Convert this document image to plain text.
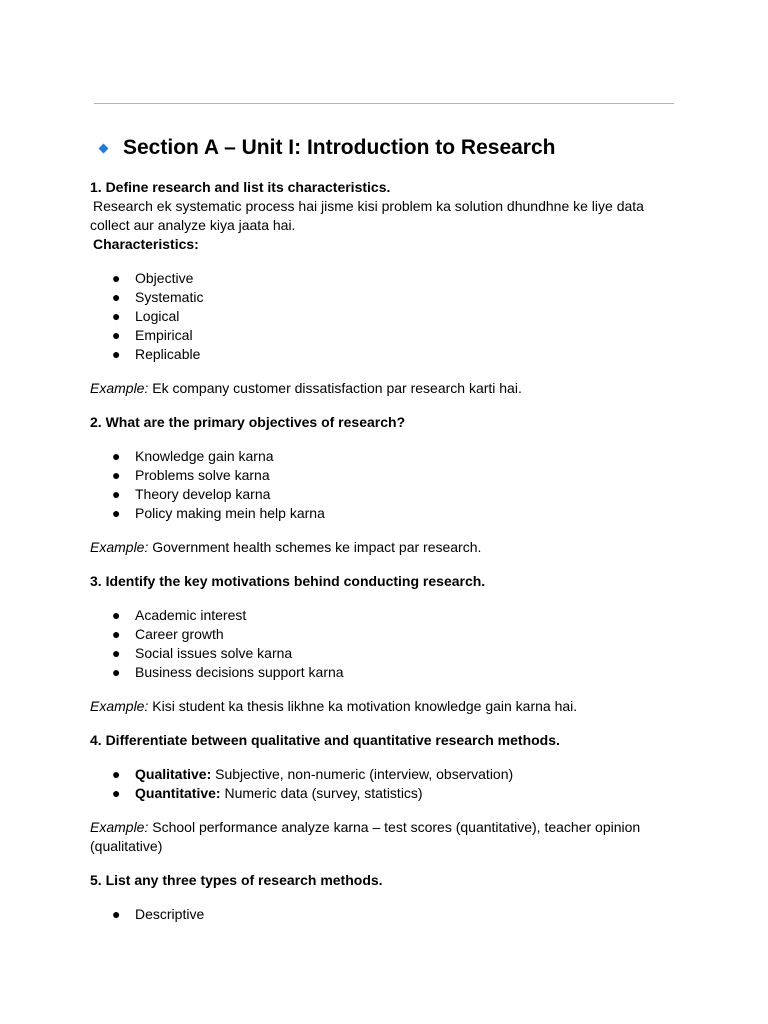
Section A – Unit I: Introduction to Research

1. Define research and list its characteristics.

Research ek systematic process hai jisme kisi problem ka solution dhundhne ke liye data

collect aur analyze kiya jaata hai.

Characteristics:

● Objective
● Systematic
● Logical
● Empirical
● Replicable

Example: Ek company customer dissatisfaction par research karti hai.

2. What are the primary objectives of research?

● Knowledge gain karna
● Problems solve karna
● Theory develop karna
● Policy making mein help karna

Example: Government health schemes ke impact par research.

3. Identify the key motivations behind conducting research.

● Academic interest
● Career growth
● Social issues solve karna
● Business decisions support karna

Example: Kisi student ka thesis likhne ka motivation knowledge gain karna hai.

4. Differentiate between qualitative and quantitative research methods.

● Qualitative: Subjective, non-numeric (interview, observation)
● Quantitative: Numeric data (survey, statistics)

Example: School performance analyze karna – test scores (quantitative), teacher opinion
(qualitative)

5. List any three types of research methods.

● Descriptive
